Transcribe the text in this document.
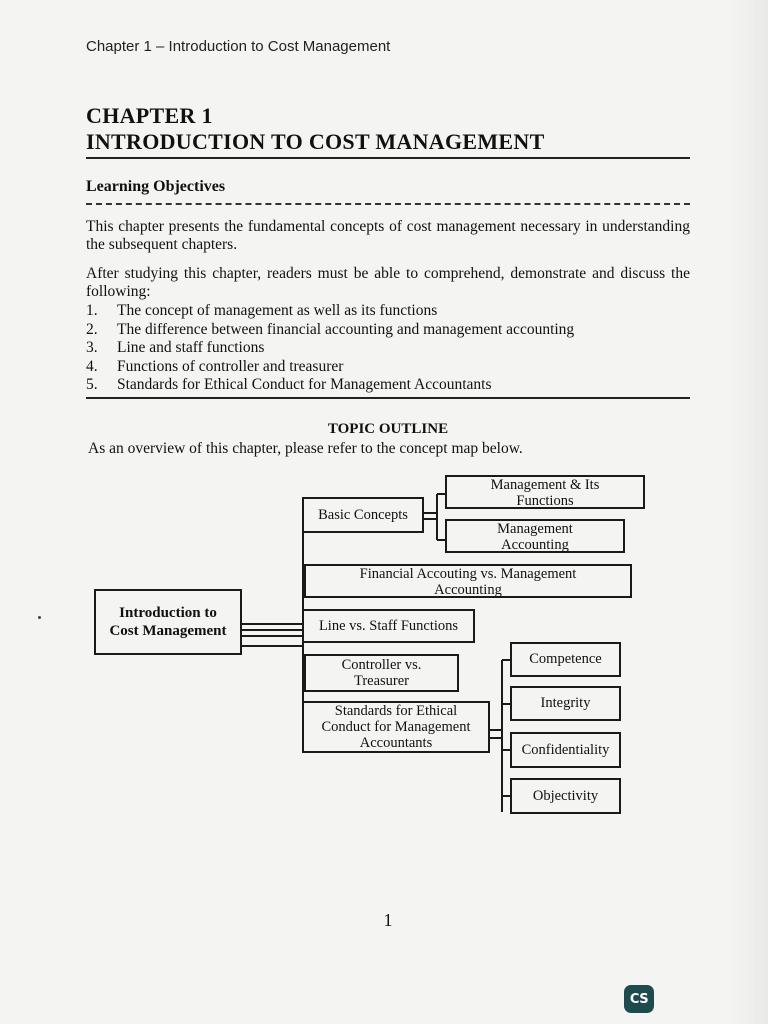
Chapter 1 – Introduction to Cost Management
CHAPTER 1
INTRODUCTION TO COST MANAGEMENT
Learning Objectives
This chapter presents the fundamental concepts of cost management necessary in understanding the subsequent chapters.
After studying this chapter, readers must be able to comprehend, demonstrate and discuss the following:
1.	The concept of management as well as its functions
2.	The difference between financial accounting and management accounting
3.	Line and staff functions
4.	Functions of controller and treasurer
5.	Standards for Ethical Conduct for Management Accountants
TOPIC OUTLINE
As an overview of this chapter, please refer to the concept map below.
Introduction to
Cost Management
Basic Concepts
Management & Its
Functions
Management
Accounting
Financial Accouting vs. Management
Accounting
Line vs. Staff Functions
Controller vs.
Treasurer
Standards for Ethical
Conduct for Management
Accountants
Competence
Integrity
Confidentiality
Objectivity
1
CS
